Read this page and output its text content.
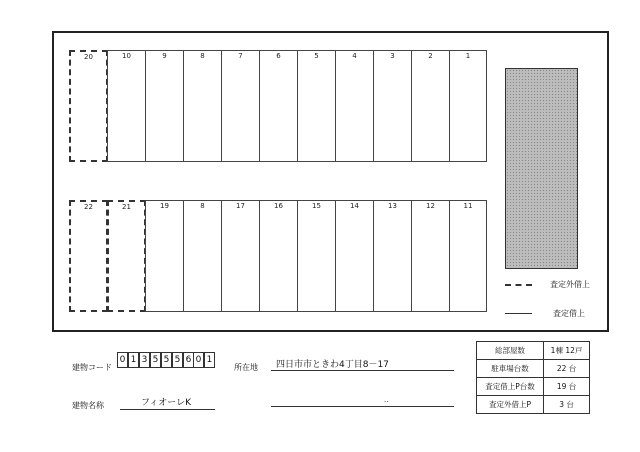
20	10	9	8	7	6	5	4	3	2	1
22	21	19	8	17	16	15	14	13	12	11
査定外借上
査定借上
建物コード
0 1 3 5 5 5 6 0 1
所在地 四日市市ときわ4丁目8－17
建物名称	フィオーレK	..
総部屋数	1棟 12戸
駐車場台数	22 台
査定借上P台数	19 台
査定外借上P	3 台
